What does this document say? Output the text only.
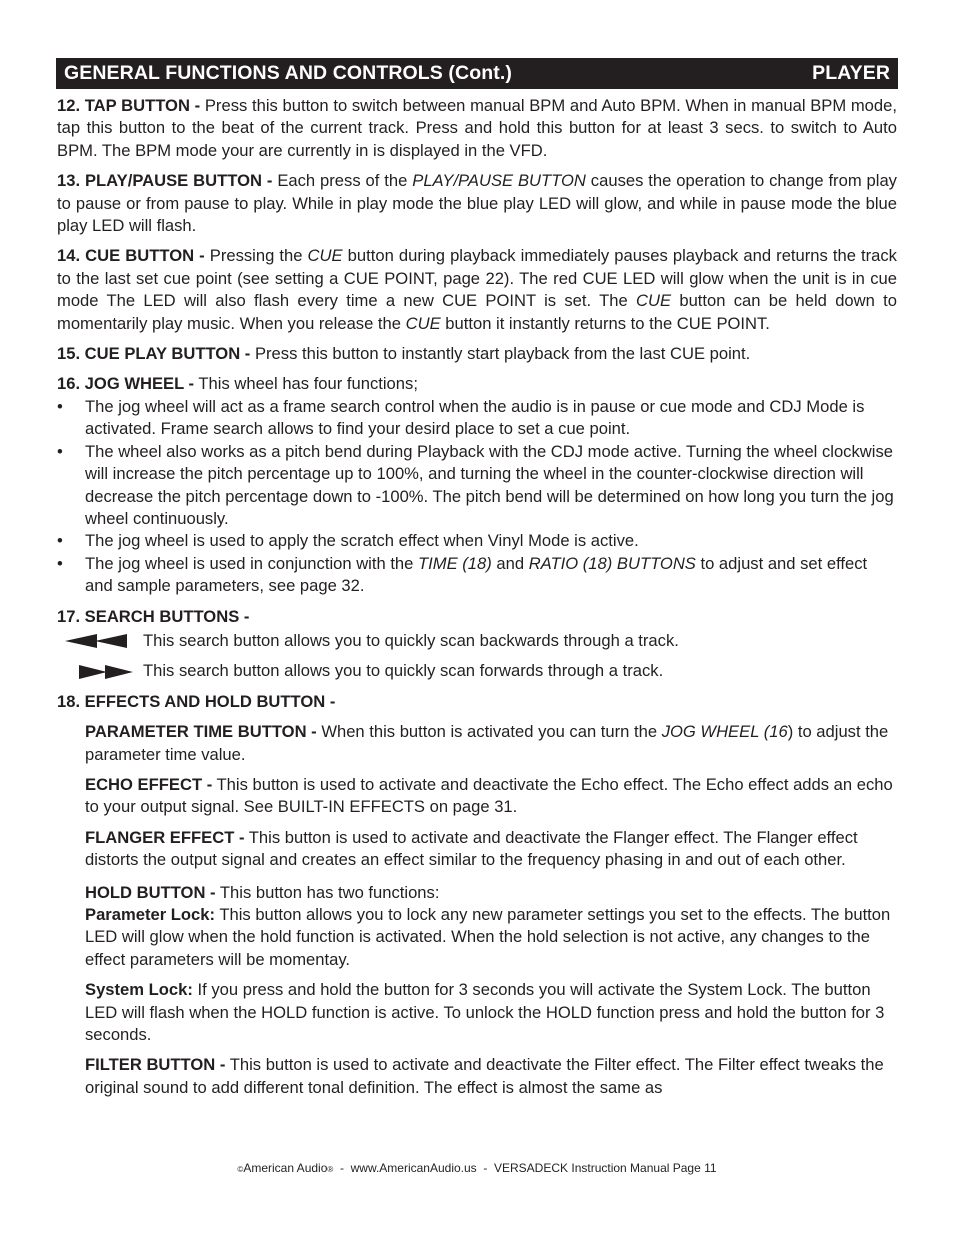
GENERAL FUNCTIONS AND CONTROLS (Cont.)	PLAYER

12. TAP BUTTON - Press this button to switch between manual BPM and Auto BPM. When in manual BPM mode, tap this button to the beat of the current track. Press and hold this button for at least 3 secs. to switch to Auto BPM. The BPM mode your are currently in is displayed in the VFD.

13. PLAY/PAUSE BUTTON - Each press of the PLAY/PAUSE BUTTON causes the operation to change from play to pause or from pause to play. While in play mode the blue play LED will glow, and while in pause mode the blue play LED will flash.

14. CUE BUTTON - Pressing the CUE button during playback immediately pauses playback and returns the track to the last set cue point (see setting a CUE POINT, page 22). The red CUE LED will glow when the unit is in cue mode The LED will also flash every time a new CUE POINT is set. The CUE button can be held down to momentarily play music. When you release the CUE button it instantly returns to the CUE POINT.

15. CUE PLAY BUTTON - Press this button to instantly start playback from the last CUE point.

16. JOG WHEEL - This wheel has four functions;

• The jog wheel will act as a frame search control when the audio is in pause or cue mode and CDJ Mode is activated. Frame search allows to find your desird place to set a cue point.
• The wheel also works as a pitch bend during Playback with the CDJ mode active. Turning the wheel clockwise will increase the pitch percentage up to 100%, and turning the wheel in the counter-clockwise direction will decrease the pitch percentage down to -100%. The pitch bend will be determined on how long you turn the jog wheel continuously.
• The jog wheel is used to apply the scratch effect when Vinyl Mode is active.
• The jog wheel is used in conjunction with the TIME (18) and RATIO (18) BUTTONS to adjust and set effect and sample parameters, see page 32.

17. SEARCH BUTTONS -

This search button allows you to quickly scan backwards through a track.
This search button allows you to quickly scan forwards through a track.

18. EFFECTS AND HOLD BUTTON -

PARAMETER TIME BUTTON - When this button is activated you can turn the JOG WHEEL (16) to adjust the parameter time value.

ECHO EFFECT - This button is used to activate and deactivate the Echo effect. The Echo effect adds an echo to your output signal. See BUILT-IN EFFECTS on page 31.

FLANGER EFFECT - This button is used to activate and deactivate the Flanger effect. The Flanger effect distorts the output signal and creates an effect similar to the frequency phasing in and out of each other.

HOLD BUTTON - This button has two functions:

Parameter Lock: This button allows you to lock any new parameter settings you set to the effects. The button LED will glow when the hold function is activated. When the hold selection is not active, any changes to the effect parameters will be momentay.

System Lock: If you press and hold the button for 3 seconds you will activate the System Lock. The button LED will flash when the HOLD function is active. To unlock the HOLD function press and hold the button for 3 seconds.

FILTER BUTTON - This button is used to activate and deactivate the Filter effect. The Filter effect tweaks the original sound to add different tonal definition. The effect is almost the same as

©American Audio®  -  www.AmericanAudio.us  -  VERSADECK Instruction Manual Page 11
